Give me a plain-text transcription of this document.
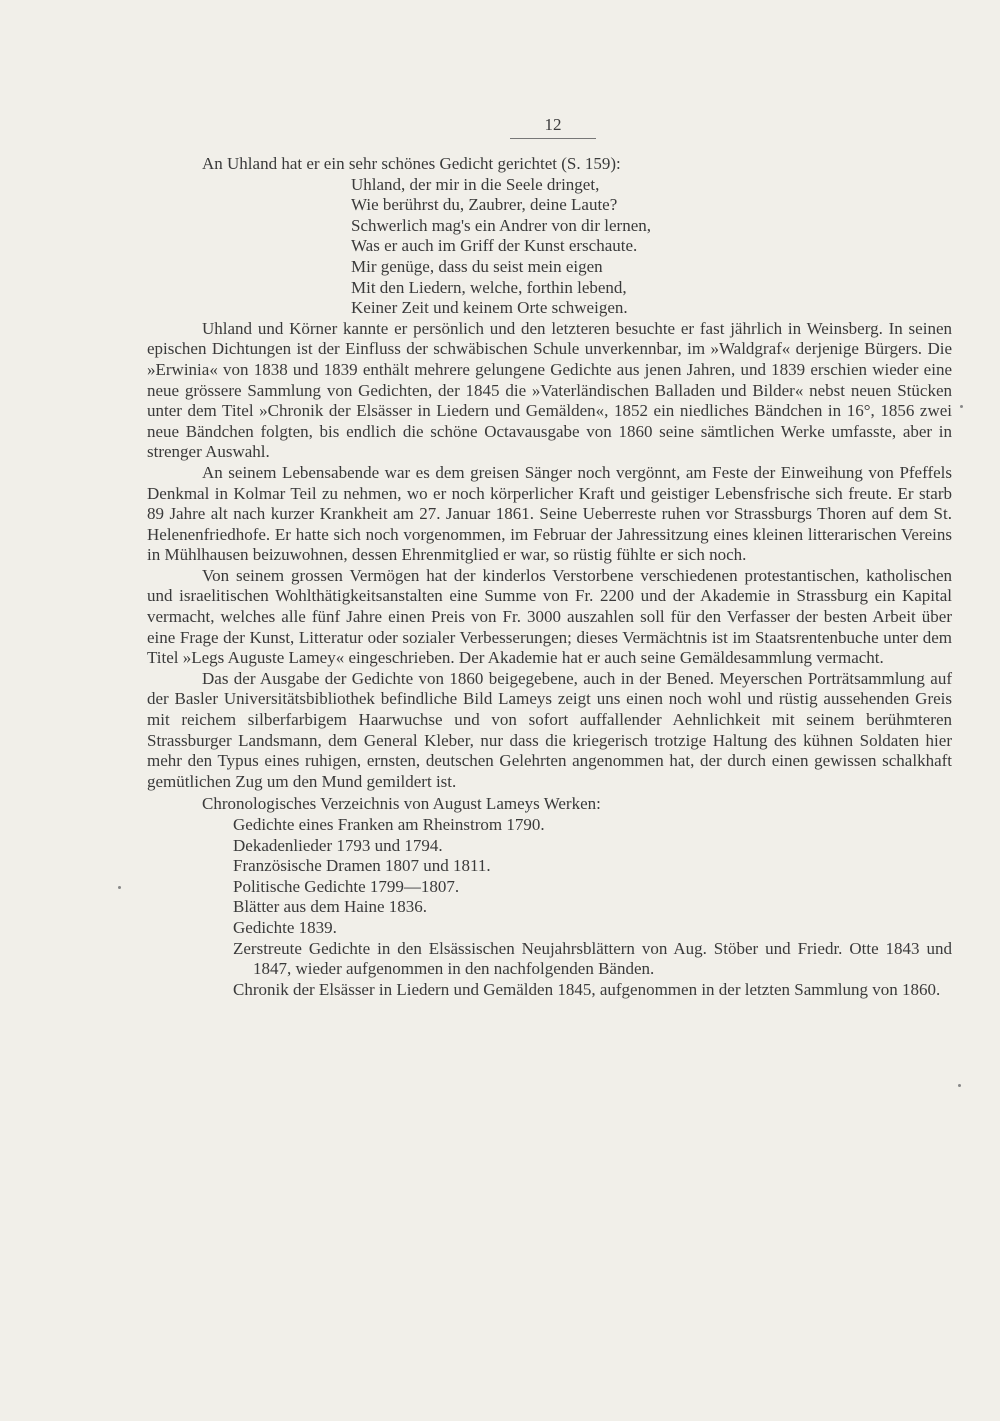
12

An Uhland hat er ein sehr schönes Gedicht gerichtet (S. 159):

Uhland, der mir in die Seele dringet,
Wie berührst du, Zaubrer, deine Laute?
Schwerlich mag's ein Andrer von dir lernen,
Was er auch im Griff der Kunst erschaute.
Mir genüge, dass du seist mein eigen
Mit den Liedern, welche, forthin lebend,
Keiner Zeit und keinem Orte schweigen.

Uhland und Körner kannte er persönlich und den letzteren besuchte er fast jährlich in Weinsberg. In seinen epischen Dichtungen ist der Einfluss der schwäbischen Schule unverkennbar, im »Waldgraf« derjenige Bürgers. Die »Erwinia« von 1838 und 1839 enthält mehrere gelungene Gedichte aus jenen Jahren, und 1839 erschien wieder eine neue grössere Sammlung von Gedichten, der 1845 die »Vaterländischen Balladen und Bilder« nebst neuen Stücken unter dem Titel »Chronik der Elsässer in Liedern und Gemälden«, 1852 ein niedliches Bändchen in 16°, 1856 zwei neue Bändchen folgten, bis endlich die schöne Octavausgabe von 1860 seine sämtlichen Werke umfasste, aber in strenger Auswahl.

An seinem Lebensabende war es dem greisen Sänger noch vergönnt, am Feste der Einweihung von Pfeffels Denkmal in Kolmar Teil zu nehmen, wo er noch körperlicher Kraft und geistiger Lebensfrische sich freute. Er starb 89 Jahre alt nach kurzer Krankheit am 27. Januar 1861. Seine Ueberreste ruhen vor Strassburgs Thoren auf dem St. Helenenfriedhofe. Er hatte sich noch vorgenommen, im Februar der Jahressitzung eines kleinen litterarischen Vereins in Mühlhausen beizuwohnen, dessen Ehrenmitglied er war, so rüstig fühlte er sich noch.

Von seinem grossen Vermögen hat der kinderlos Verstorbene verschiedenen protestantischen, katholischen und israelitischen Wohlthätigkeitsanstalten eine Summe von Fr. 2200 und der Akademie in Strassburg ein Kapital vermacht, welches alle fünf Jahre einen Preis von Fr. 3000 auszahlen soll für den Verfasser der besten Arbeit über eine Frage der Kunst, Litteratur oder sozialer Verbesserungen; dieses Vermächtnis ist im Staatsrentenbuche unter dem Titel »Legs Auguste Lamey« eingeschrieben. Der Akademie hat er auch seine Gemäldesammlung vermacht.

Das der Ausgabe der Gedichte von 1860 beigegebene, auch in der Bened. Meyerschen Porträtsammlung auf der Basler Universitätsbibliothek befindliche Bild Lameys zeigt uns einen noch wohl und rüstig aussehenden Greis mit reichem silberfarbigem Haarwuchse und von sofort auffallender Aehnlichkeit mit seinem berühmteren Strassburger Landsmann, dem General Kleber, nur dass die kriegerisch trotzige Haltung des kühnen Soldaten hier mehr den Typus eines ruhigen, ernsten, deutschen Gelehrten angenommen hat, der durch einen gewissen schalkhaft gemütlichen Zug um den Mund gemildert ist.

Chronologisches Verzeichnis von August Lameys Werken:
Gedichte eines Franken am Rheinstrom 1790.
Dekadenlieder 1793 und 1794.
Französische Dramen 1807 und 1811.
Politische Gedichte 1799—1807.
Blätter aus dem Haine 1836.
Gedichte 1839.
Zerstreute Gedichte in den Elsässischen Neujahrsblättern von Aug. Stöber und Friedr. Otte 1843 und 1847, wieder aufgenommen in den nachfolgenden Bänden.
Chronik der Elsässer in Liedern und Gemälden 1845, aufgenommen in der letzten Sammlung von 1860.
